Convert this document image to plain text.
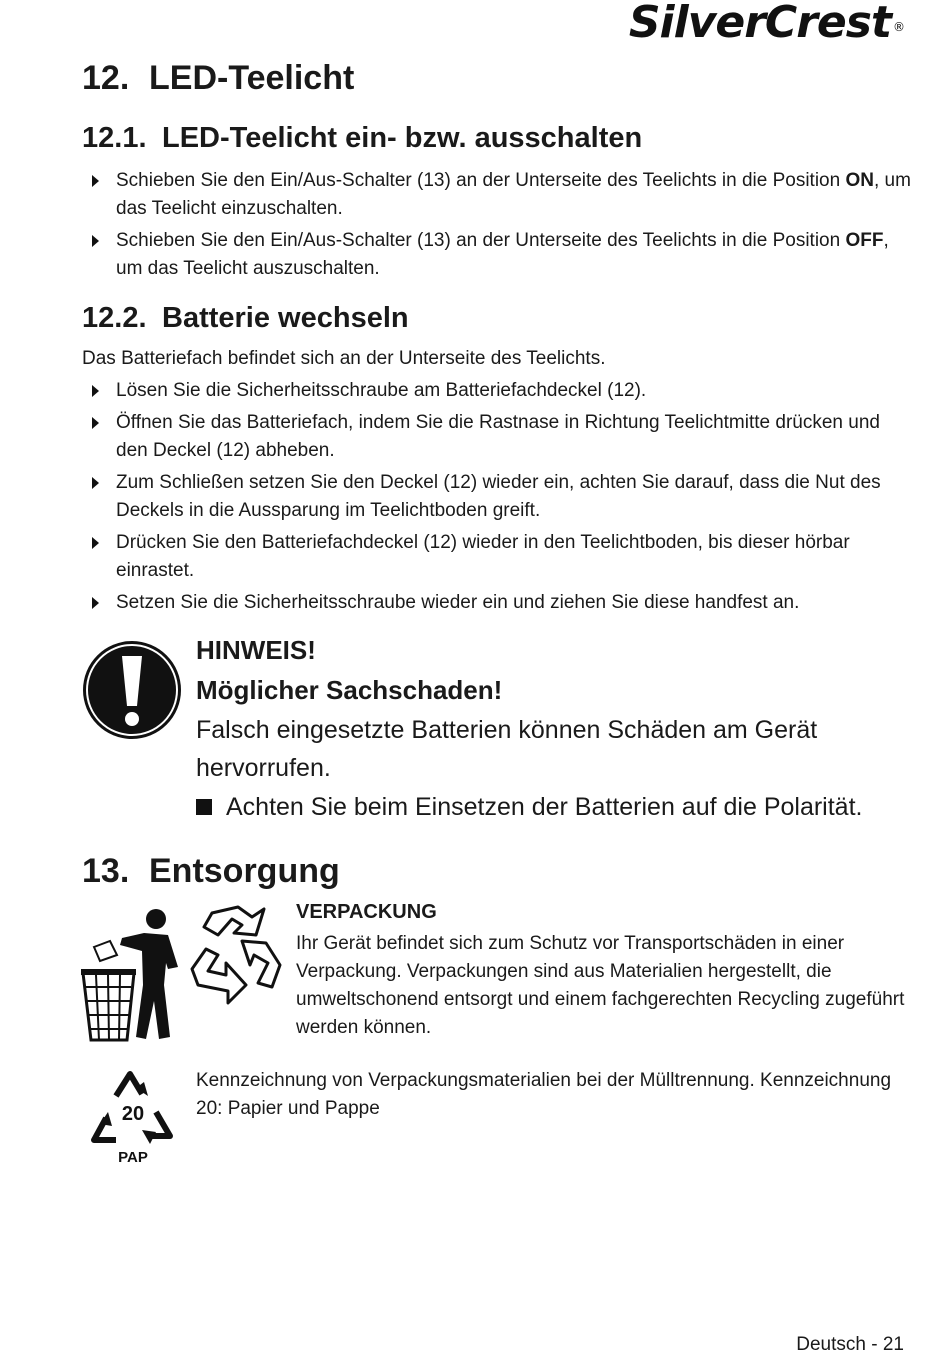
SilverCrest ®
12. LED-Teelicht
12.1. LED-Teelicht ein- bzw. ausschalten
Schieben Sie den Ein/Aus-Schalter (13) an der Unterseite des Teelichts in die Position ON, um das Teelicht einzuschalten.
Schieben Sie den Ein/Aus-Schalter (13) an der Unterseite des Teelichts in die Position OFF, um das Teelicht auszuschalten.
12.2. Batterie wechseln
Das Batteriefach befindet sich an der Unterseite des Teelichts.
Lösen Sie die Sicherheitsschraube am Batteriefachdeckel (12).
Öffnen Sie das Batteriefach, indem Sie die Rastnase in Richtung Teelichtmitte drücken und den Deckel (12) abheben.
Zum Schließen setzen Sie den Deckel (12) wieder ein, achten Sie darauf, dass die Nut des Deckels in die Aussparung im Teelichtboden greift.
Drücken Sie den Batteriefachdeckel (12) wieder in den Teelichtboden, bis dieser hörbar einrastet.
Setzen Sie die Sicherheitsschraube wieder ein und ziehen Sie diese handfest an.
HINWEIS!
Möglicher Sachschaden!
Falsch eingesetzte Batterien können Schäden am Gerät hervorrufen.
Achten Sie beim Einsetzen der Batterien auf die Polarität.
13. Entsorgung
VERPACKUNG
Ihr Gerät befindet sich zum Schutz vor Transportschäden in einer Verpackung. Verpackungen sind aus Materialien hergestellt, die umweltschonend entsorgt und einem fachgerechten Recycling zugeführt werden können.
20
PAP
Kennzeichnung von Verpackungsmaterialien bei der Mülltrennung. Kennzeichnung 20: Papier und Pappe
Deutsch - 21
